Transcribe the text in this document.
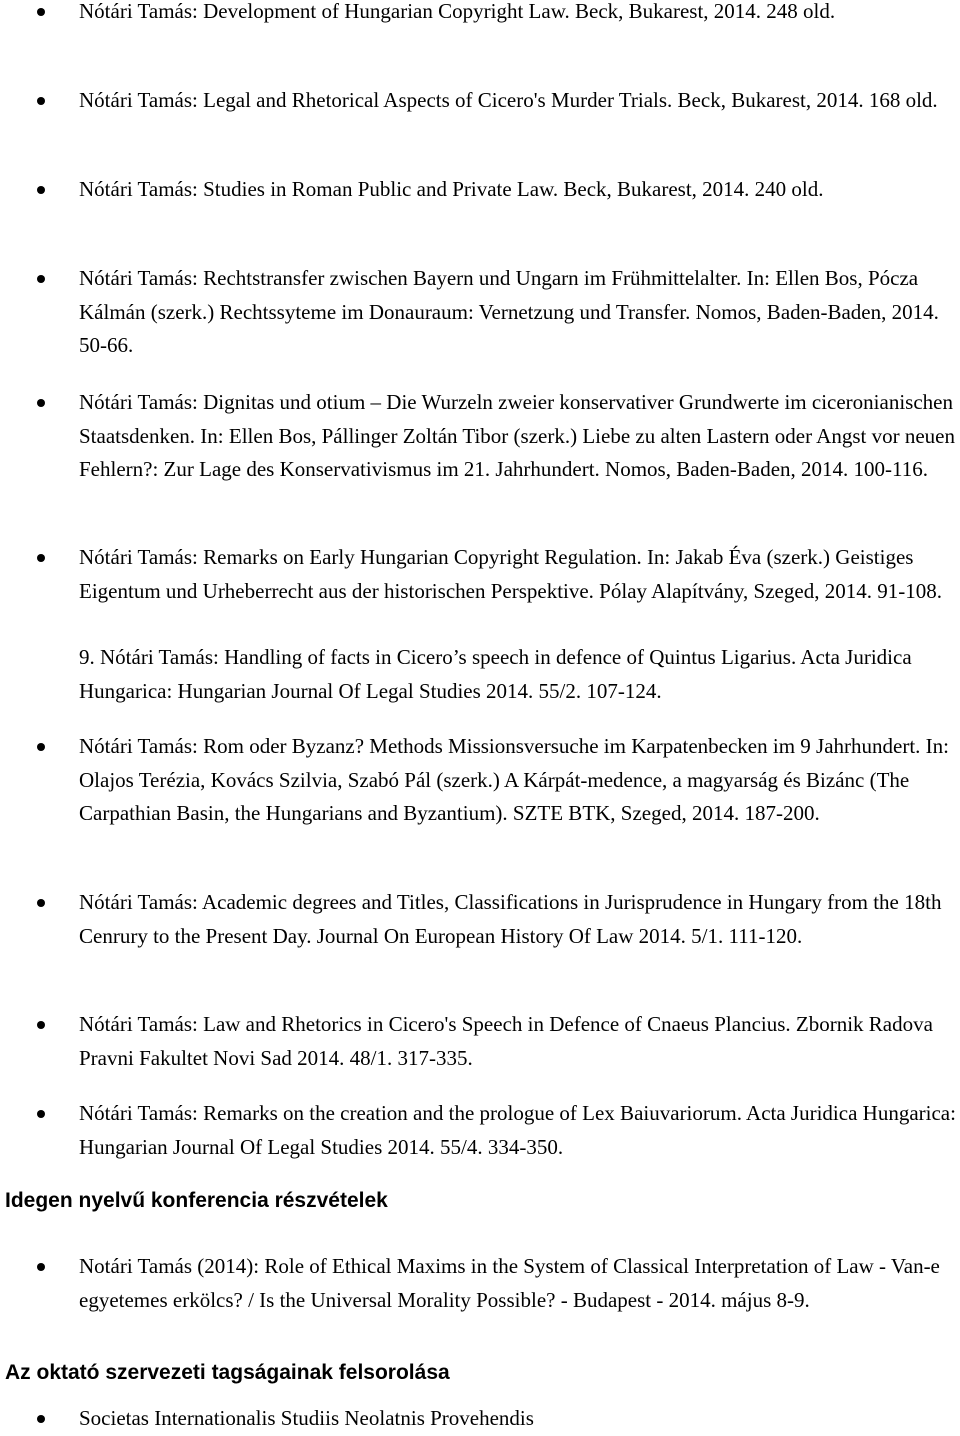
Nótári Tamás: Development of Hungarian Copyright Law. Beck, Bukarest, 2014. 248 old.

Nótári Tamás: Legal and Rhetorical Aspects of Cicero's Murder Trials. Beck, Bukarest, 2014. 168 old.

Nótári Tamás: Studies in Roman Public and Private Law. Beck, Bukarest, 2014. 240 old.

Nótári Tamás: Rechtstransfer zwischen Bayern und Ungarn im Frühmittelalter. In: Ellen Bos, Pócza Kálmán (szerk.) Rechtssyteme im Donauraum: Vernetzung und Transfer. Nomos, Baden-Baden, 2014. 50-66.

Nótári Tamás: Dignitas und otium – Die Wurzeln zweier konservativer Grundwerte im ciceronianischen Staatsdenken. In: Ellen Bos, Pállinger Zoltán Tibor (szerk.) Liebe zu alten Lastern oder Angst vor neuen Fehlern?: Zur Lage des Konservativismus im 21. Jahrhundert. Nomos, Baden-Baden, 2014. 100-116.

Nótári Tamás: Remarks on Early Hungarian Copyright Regulation. In: Jakab Éva (szerk.) Geistiges Eigentum und Urheberrecht aus der historischen Perspektive. Pólay Alapítvány, Szeged, 2014. 91-108.

9. Nótári Tamás: Handling of facts in Cicero’s speech in defence of Quintus Ligarius. Acta Juridica Hungarica: Hungarian Journal Of Legal Studies 2014. 55/2. 107-124.

Nótári Tamás: Rom oder Byzanz? Methods Missionsversuche im Karpatenbecken im 9 Jahrhundert. In: Olajos Terézia, Kovács Szilvia, Szabó Pál (szerk.) A Kárpát-medence, a magyarság és Bizánc (The Carpathian Basin, the Hungarians and Byzantium). SZTE BTK, Szeged, 2014. 187-200.

Nótári Tamás: Academic degrees and Titles, Classifications in Jurisprudence in Hungary from the 18th Cenrury to the Present Day. Journal On European History Of Law 2014. 5/1. 111-120.

Nótári Tamás: Law and Rhetorics in Cicero's Speech in Defence of Cnaeus Plancius. Zbornik Radova Pravni Fakultet Novi Sad 2014. 48/1. 317-335.

Nótári Tamás: Remarks on the creation and the prologue of Lex Baiuvariorum. Acta Juridica Hungarica: Hungarian Journal Of Legal Studies 2014. 55/4. 334-350.

Idegen nyelvű konferencia részvételek

Notári Tamás (2014): Role of Ethical Maxims in the System of Classical Interpretation of Law - Van-e egyetemes erkölcs? / Is the Universal Morality Possible? - Budapest - 2014. május 8-9.

Az oktató szervezeti tagságainak felsorolása

Societas Internationalis Studiis Neolatnis Provehendis
